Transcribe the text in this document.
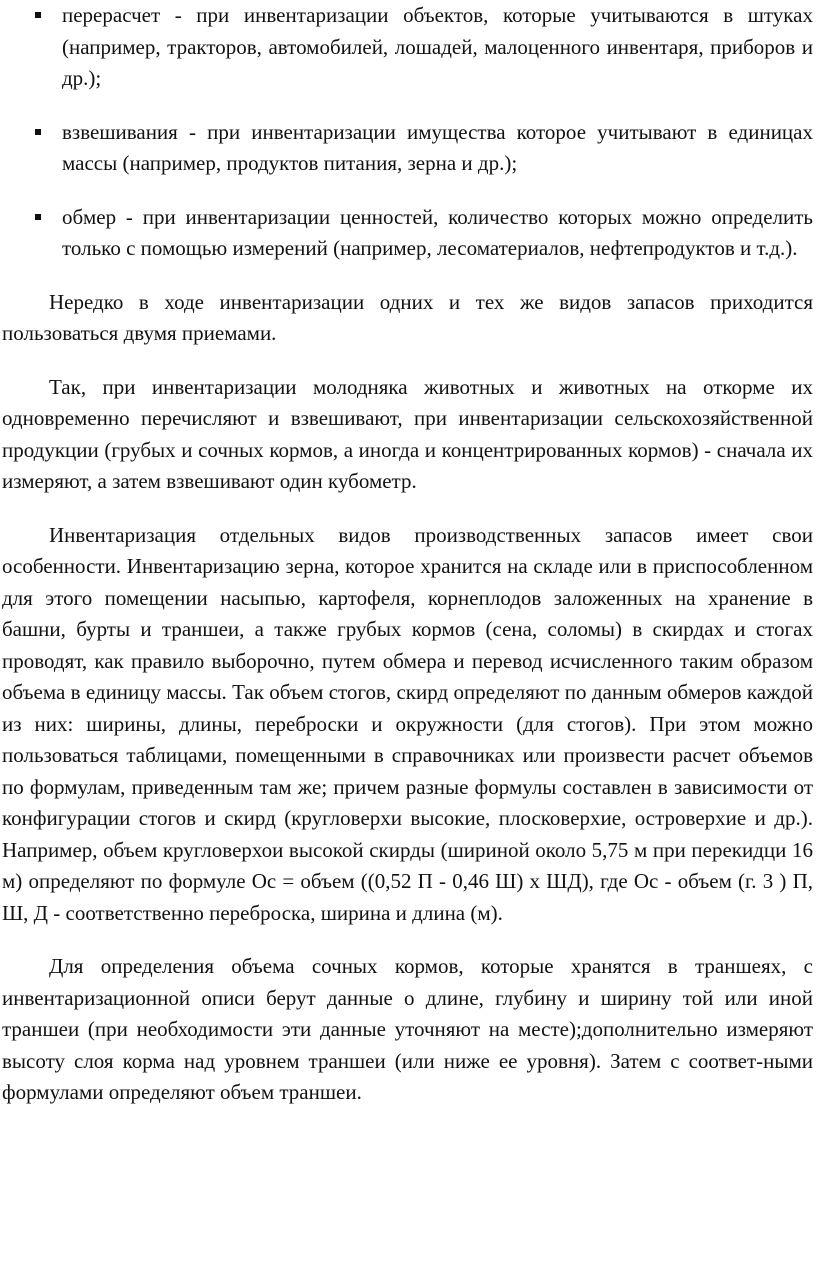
перерасчет - при инвентаризации объектов, которые учитываются в штуках (например, тракторов, автомобилей, лошадей, малоценного инвентаря, приборов и др.);
взвешивания - при инвентаризации имущества которое учитывают в единицах массы (например, продуктов питания, зерна и др.);
обмер - при инвентаризации ценностей, количество которых можно определить только с помощью измерений (например, лесоматериалов, нефтепродуктов и т.д.).

Нередко в ходе инвентаризации одних и тех же видов запасов приходится пользоваться двумя приемами.

Так, при инвентаризации молодняка животных и животных на откорме их одновременно перечисляют и взвешивают, при инвентаризации сельскохозяйственной продукции (грубых и сочных кормов, а иногда и концентрированных кормов) - сначала их измеряют, а затем взвешивают один кубометр.

Инвентаризация отдельных видов производственных запасов имеет свои особенности. Инвентаризацию зерна, которое хранится на складе или в приспособленном для этого помещении насыпью, картофеля, корнеплодов заложенных на хранение в башни, бурты и траншеи, а также грубых кормов (сена, соломы) в скирдах и стогах проводят, как правило выборочно, путем обмера и перевод исчисленного таким образом объема в единицу массы. Так объем стогов, скирд определяют по данным обмеров каждой из них: ширины, длины, переброски и окружности (для стогов). При этом можно пользоваться таблицами, помещенными в справочниках или произвести расчет объемов по формулам, приведенным там же; причем разные формулы составлен в зависимости от конфигурации стогов и скирд (кругловерхи высокие, плосковерхие, островерхие и др.). Например, объем кругловерхои высокой скирды (шириной около 5,75 м при перекидци 16 м) определяют по формуле Ос = объем ((0,52 П - 0,46 Ш) х ШД), где Ос - объем (г. 3 ) П, Ш, Д - соответственно переброска, ширина и длина (м).

Для определения объема сочных кормов, которые хранятся в траншеях, с инвентаризационной описи берут данные о длине, глубину и ширину той или иной траншеи (при необходимости эти данные уточняют на месте);дополнительно измеряют высоту слоя корма над уровнем траншеи (или ниже ее уровня). Затем с соответ-ными формулами определяют объем траншеи.
